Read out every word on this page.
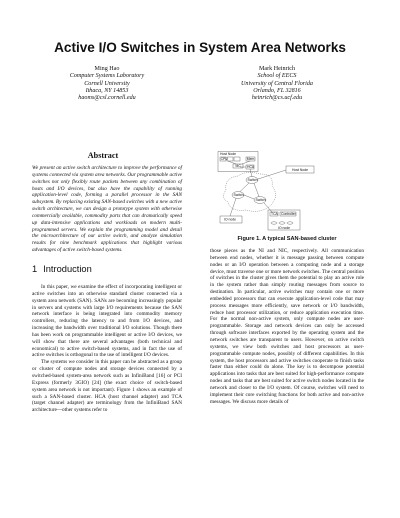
Active I/O Switches in System Area Networks
Ming Hao
Computer Systems Laboratory
Cornell University
Ithaca, NY 14853
haoms@csl.cornell.edu
Mark Heinrich
School of EECS
University of Central Florida
Orlando, FL 32816
heinrich@cs.ucf.edu
Abstract
We present an active switch architecture to improve the performance of systems connected via system area networks. Our programmable active switches not only flexibly route packets between any combination of hosts and I/O devices, but also have the capability of running application-level code, forming a parallel processor in the SAN subsystem. By replacing existing SAN-based switches with a new active switch architecture, we can design a prototype system with otherwise commercially available, commodity parts that can dramatically speed up data-intensive applications and workloads on modern multi-programmed servers. We explain the programming model and detail the microarchitecture of our active switch, and analyze simulation results for nine benchmark applications that highlight various advantages of active switch-based systems.
1 Introduction

In this paper, we examine the effect of incorporating intelligent or active switches into an otherwise standard cluster connected via a system area network (SAN). SANs are becoming increasingly popular in servers and systems with large I/O requirements because the SAN network interface is being integrated into commodity memory controllers, reducing the latency to and from I/O devices, and increasing the bandwidth over traditional I/O solutions. Though there has been work on programmable intelligent or active I/O devices, we will show that there are several advantages (both technical and economical) to active switch-based systems, and in fact the use of active switches is orthogonal to the use of intelligent I/O devices.

The systems we consider in this paper can be abstracted as a group or cluster of compute nodes and storage devices connected by a switched-based system-area network such as InfiniBand [16] or PCI Express (formerly 3GIO) [24] (the exact choice of switch-based system area network is not important). Figure 1 shows an example of such a SAN-based cluster. HCA (host channel adapter) and TCA (target channel adapter) are terminology from the InfiniBand SAN architecture—other systems refer to

Host Node
CPU	Mem
MC HCA
Host Node
Switch
Switch
Switch
IO node
TCA Controller
IO node
Figure 1. A typical SAN-based cluster

those pieces as the NI and NIC, respectively. All communication between end nodes, whether it is message passing between compute nodes or an I/O operation between a computing node and a storage device, must traverse one or more network switches. The central position of switches in the cluster gives them the potential to play an active role in the system rather than simply routing messages from source to destination. In particular, active switches may contain one or more embedded processors that can execute application-level code that may process messages more efficiently, save network or I/O bandwidth, reduce host processor utilization, or reduce application execution time. For the normal non-active system, only compute nodes are user-programmable. Storage and network devices can only be accessed through software interfaces exported by the operating system and the network switches are transparent to users. However, on active switch systems, we view both switches and host processors as user-programmable compute nodes, possibly of different capabilities. In this system, the host processors and active switches cooperate to finish tasks faster than either could do alone. The key is to decompose potential applications into tasks that are best suited for high-performance compute nodes and tasks that are best suited for active switch nodes located in the network and closer to the I/O system. Of course, switches will need to implement their core switching functions for both active and non-active messages. We discuss more details of
